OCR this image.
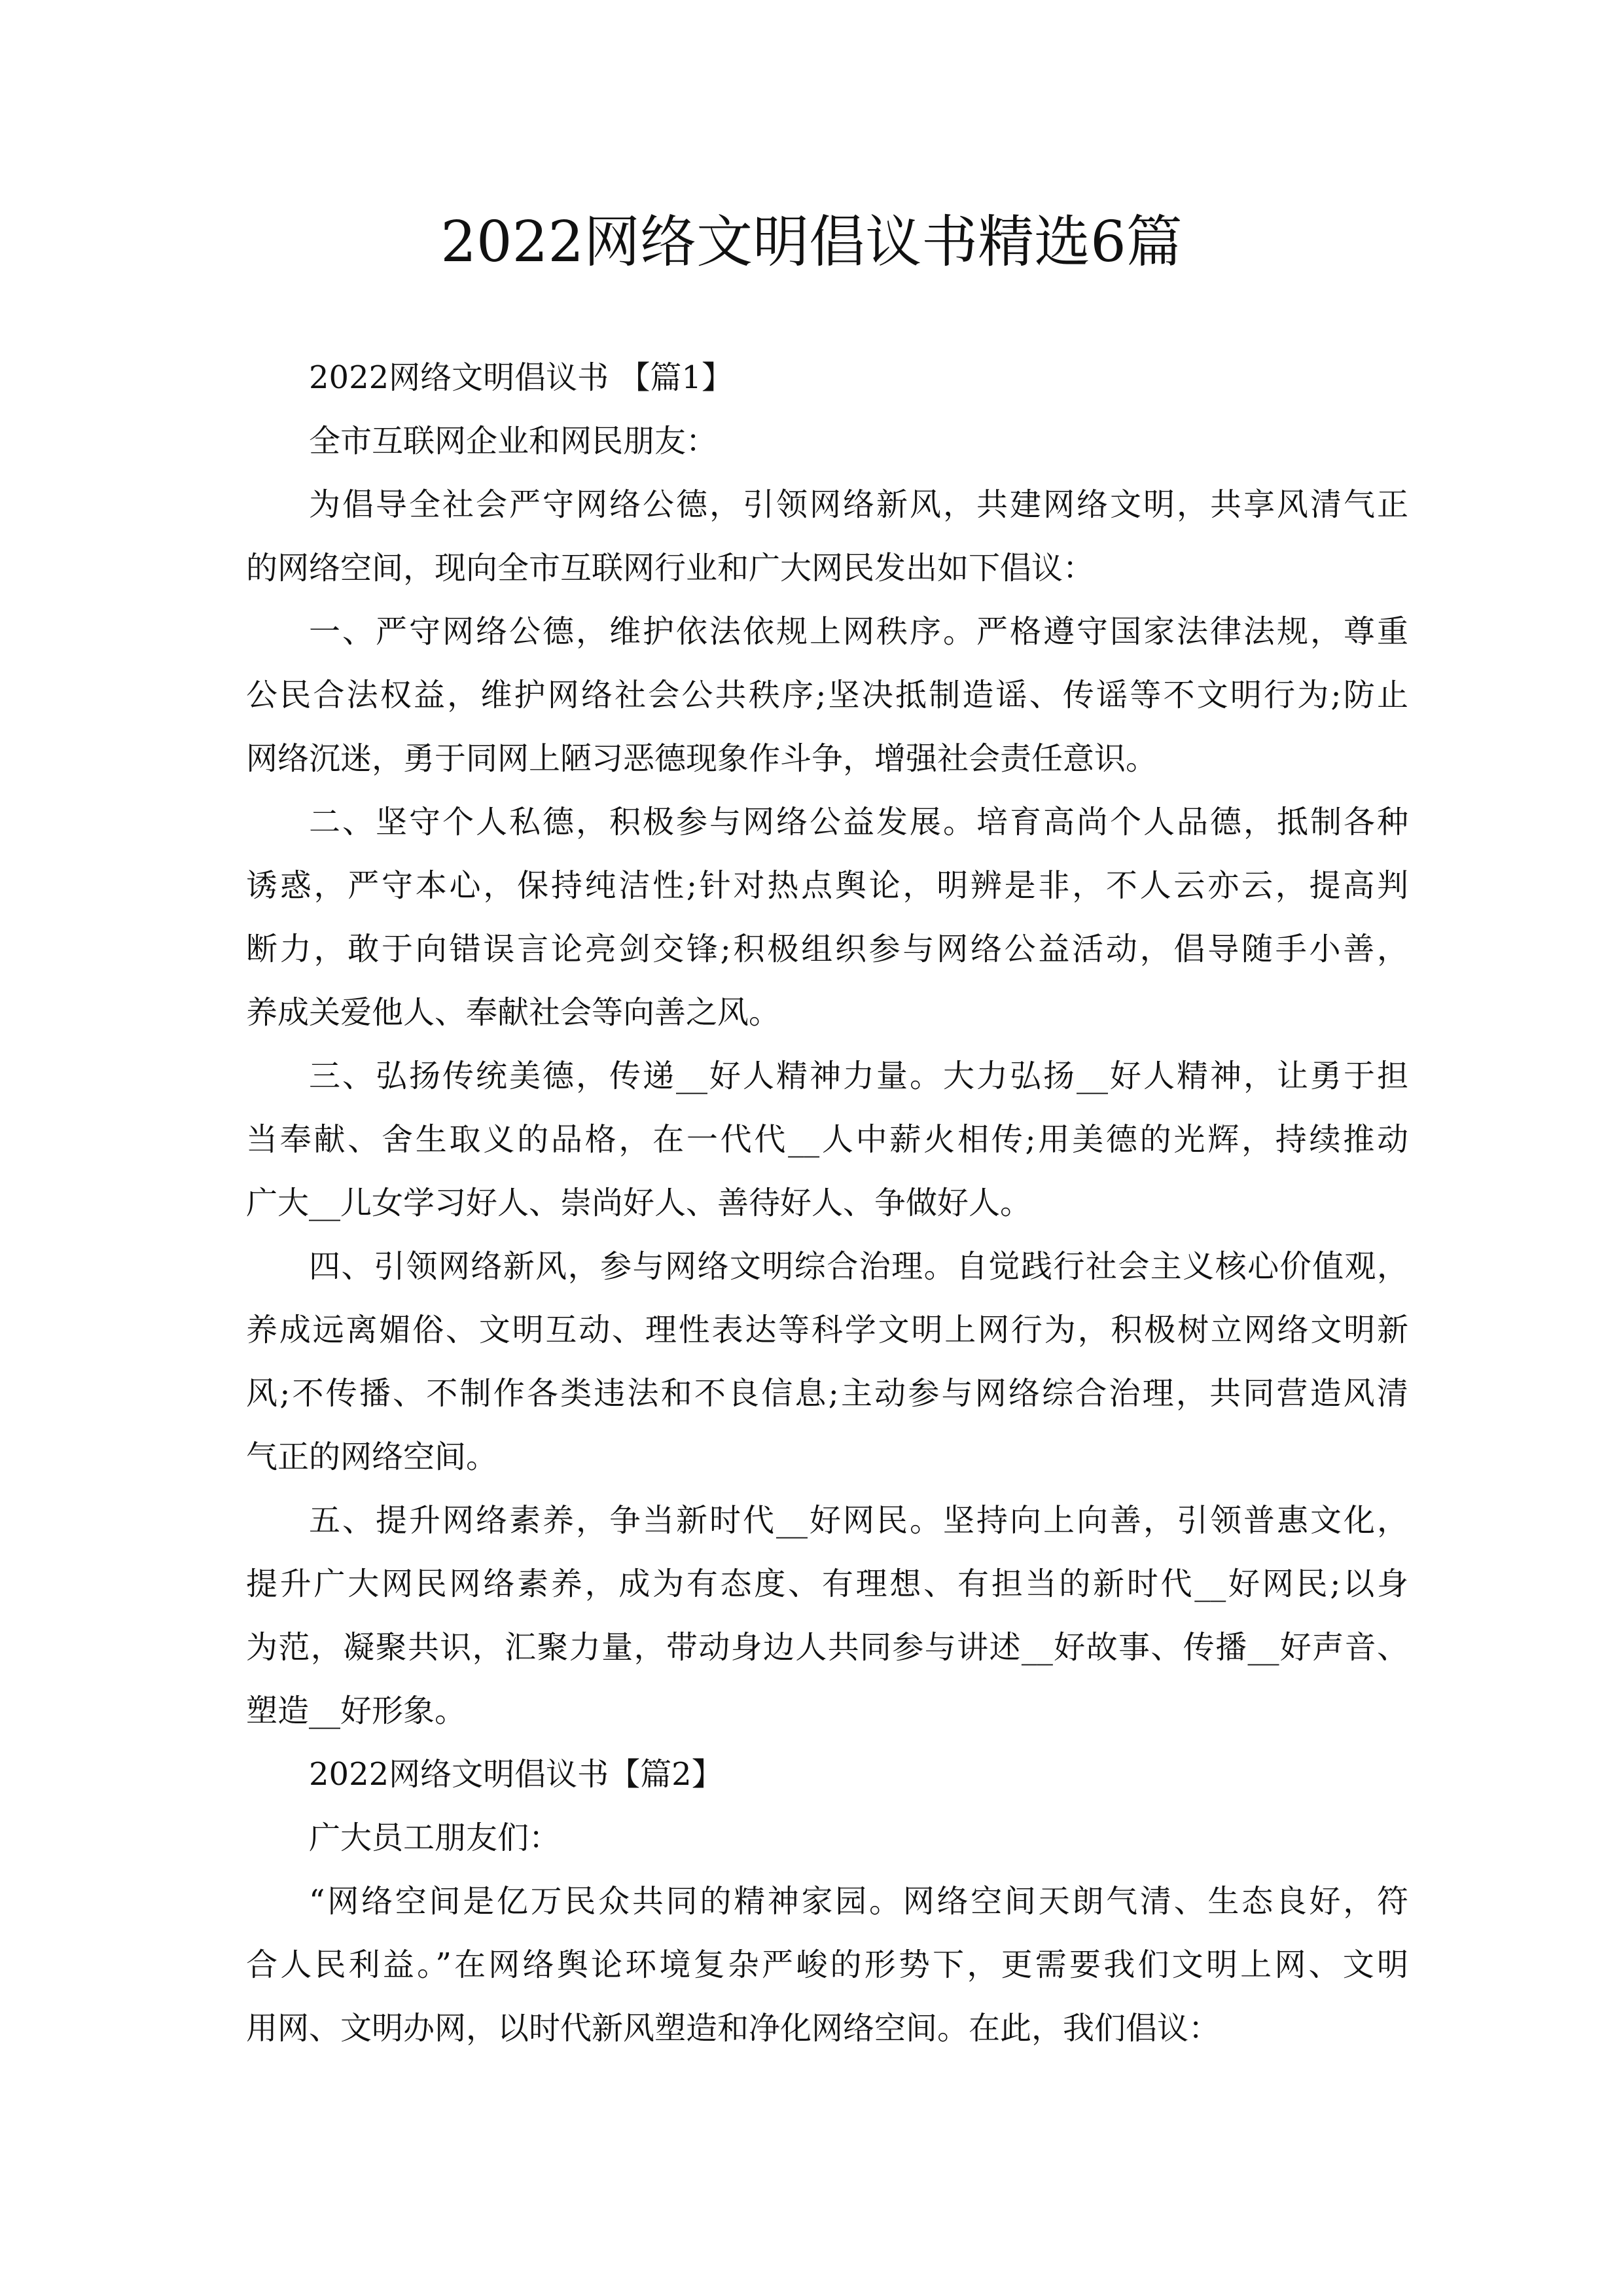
2022网络文明倡议书精选6篇
2022网络文明倡议书 【篇1】
全市互联网企业和网民朋友：
为倡导全社会严守网络公德，引领网络新风，共建网络文明，共享风清气正
的网络空间，现向全市互联网行业和广大网民发出如下倡议：
一、严守网络公德，维护依法依规上网秩序。严格遵守国家法律法规，尊重
公民合法权益，维护网络社会公共秩序;坚决抵制造谣、传谣等不文明行为;防止
网络沉迷，勇于同网上陋习恶德现象作斗争，增强社会责任意识。
二、坚守个人私德，积极参与网络公益发展。培育高尚个人品德，抵制各种
诱惑，严守本心，保持纯洁性;针对热点舆论，明辨是非，不人云亦云，提高判
断力，敢于向错误言论亮剑交锋;积极组织参与网络公益活动，倡导随手小善，
养成关爱他人、奉献社会等向善之风。
三、弘扬传统美德，传递__好人精神力量。大力弘扬__好人精神，让勇于担
当奉献、舍生取义的品格，在一代代__人中薪火相传;用美德的光辉，持续推动
广大__儿女学习好人、崇尚好人、善待好人、争做好人。
四、引领网络新风，参与网络文明综合治理。自觉践行社会主义核心价值观，
养成远离媚俗、文明互动、理性表达等科学文明上网行为，积极树立网络文明新
风;不传播、不制作各类违法和不良信息;主动参与网络综合治理，共同营造风清
气正的网络空间。
五、提升网络素养，争当新时代__好网民。坚持向上向善，引领普惠文化，
提升广大网民网络素养，成为有态度、有理想、有担当的新时代__好网民;以身
为范，凝聚共识，汇聚力量，带动身边人共同参与讲述__好故事、传播__好声音、
塑造__好形象。
2022网络文明倡议书【篇2】
广大员工朋友们：
“网络空间是亿万民众共同的精神家园。网络空间天朗气清、生态良好，符
合人民利益。”在网络舆论环境复杂严峻的形势下，更需要我们文明上网、文明
用网、文明办网，以时代新风塑造和净化网络空间。在此，我们倡议：
